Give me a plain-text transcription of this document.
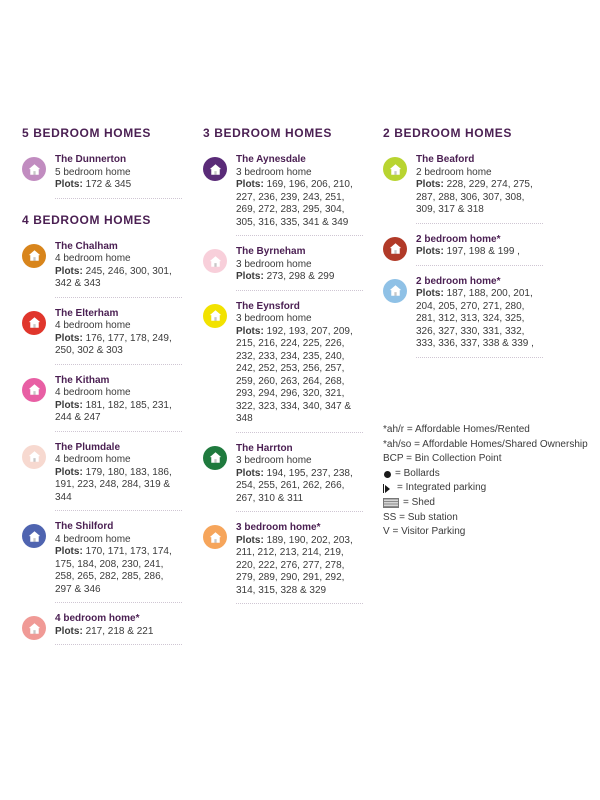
5 BEDROOM HOMES
The Dunnerton
5 bedroom home
Plots: 172 & 345
4 BEDROOM HOMES
The Chalham
4 bedroom home
Plots: 245, 246, 300, 301, 342 & 343
The Elterham
4 bedroom home
Plots: 176, 177, 178, 249, 250, 302 & 303
The Kitham
4 bedroom home
Plots: 181, 182, 185, 231, 244 & 247
The Plumdale
4 bedroom home
Plots: 179, 180, 183, 186, 191, 223, 248, 284, 319 & 344
The Shilford
4 bedroom home
Plots: 170, 171, 173, 174, 175, 184, 208, 230, 241, 258, 265, 282, 285, 286, 297 & 346
4 bedroom home*
Plots: 217, 218 & 221
3 BEDROOM HOMES
The Aynesdale
3 bedroom home
Plots: 169, 196, 206, 210, 227, 236, 239, 243, 251, 269, 272, 283, 295, 304, 305, 316, 335, 341 & 349
The Byrneham
3 bedroom home
Plots: 273, 298 & 299
The Eynsford
3 bedroom home
Plots: 192, 193, 207, 209, 215, 216, 224, 225, 226, 232, 233, 234, 235, 240, 242, 252, 253, 256, 257, 259, 260, 263, 264, 268, 293, 294, 296, 320, 321, 322, 323, 334, 340, 347 & 348
The Harrton
3 bedroom home
Plots: 194, 195, 237, 238, 254, 255, 261, 262, 266, 267, 310 & 311
3 bedroom home*
Plots: 189, 190, 202, 203, 211, 212, 213, 214, 219, 220, 222, 276, 277, 278, 279, 289, 290, 291, 292, 314, 315, 328 & 329
2 BEDROOM HOMES
The Beaford
2 bedroom home
Plots: 228, 229, 274, 275, 287, 288, 306, 307, 308, 309, 317 & 318
2 bedroom home*
Plots: 197, 198 & 199 ,
2 bedroom home*
Plots: 187, 188, 200, 201, 204, 205, 270, 271, 280, 281, 312, 313, 324, 325, 326, 327, 330, 331, 332, 333, 336, 337, 338 & 339 ,
*ah/r = Affordable Homes/Rented
*ah/so = Affordable Homes/Shared Ownership
BCP = Bin Collection Point
= Bollards
= Integrated parking
= Shed
SS = Sub station
V = Visitor Parking
